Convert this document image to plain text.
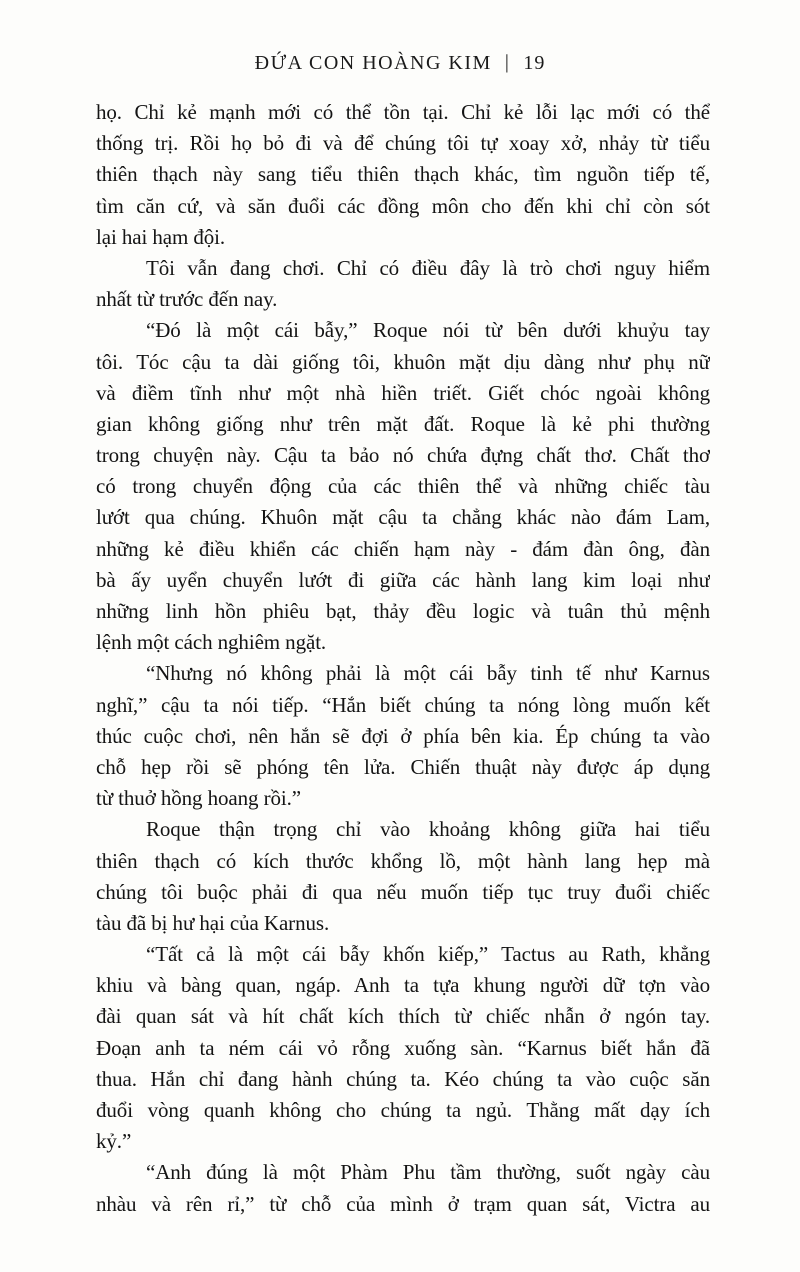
ĐỨA CON HOÀNG KIM | 19
họ. Chỉ kẻ mạnh mới có thể tồn tại. Chỉ kẻ lỗi lạc mới có thể
thống trị. Rồi họ bỏ đi và để chúng tôi tự xoay xở, nhảy từ tiểu
thiên thạch này sang tiểu thiên thạch khác, tìm nguồn tiếp tế,
tìm căn cứ, và săn đuổi các đồng môn cho đến khi chỉ còn sót
lại hai hạm đội.
Tôi vẫn đang chơi. Chỉ có điều đây là trò chơi nguy hiểm
nhất từ trước đến nay.
“Đó là một cái bẫy,” Roque nói từ bên dưới khuỷu tay
tôi. Tóc cậu ta dài giống tôi, khuôn mặt dịu dàng như phụ nữ
và điềm tĩnh như một nhà hiền triết. Giết chóc ngoài không
gian không giống như trên mặt đất. Roque là kẻ phi thường
trong chuyện này. Cậu ta bảo nó chứa đựng chất thơ. Chất thơ
có trong chuyển động của các thiên thể và những chiếc tàu
lướt qua chúng. Khuôn mặt cậu ta chẳng khác nào đám Lam,
những kẻ điều khiển các chiến hạm này - đám đàn ông, đàn
bà ấy uyển chuyển lướt đi giữa các hành lang kim loại như
những linh hồn phiêu bạt, thảy đều logic và tuân thủ mệnh
lệnh một cách nghiêm ngặt.
“Nhưng nó không phải là một cái bẫy tinh tế như Karnus
nghĩ,” cậu ta nói tiếp. “Hắn biết chúng ta nóng lòng muốn kết
thúc cuộc chơi, nên hắn sẽ đợi ở phía bên kia. Ép chúng ta vào
chỗ hẹp rồi sẽ phóng tên lửa. Chiến thuật này được áp dụng
từ thuở hồng hoang rồi.”
Roque thận trọng chỉ vào khoảng không giữa hai tiểu
thiên thạch có kích thước khổng lồ, một hành lang hẹp mà
chúng tôi buộc phải đi qua nếu muốn tiếp tục truy đuổi chiếc
tàu đã bị hư hại của Karnus.
“Tất cả là một cái bẫy khốn kiếp,” Tactus au Rath, khẳng
khiu và bàng quan, ngáp. Anh ta tựa khung người dữ tợn vào
đài quan sát và hít chất kích thích từ chiếc nhẫn ở ngón tay.
Đoạn anh ta ném cái vỏ rỗng xuống sàn. “Karnus biết hắn đã
thua. Hắn chỉ đang hành chúng ta. Kéo chúng ta vào cuộc săn
đuổi vòng quanh không cho chúng ta ngủ. Thằng mất dạy ích
kỷ.”
“Anh đúng là một Phàm Phu tầm thường, suốt ngày càu
nhàu và rên rỉ,” từ chỗ của mình ở trạm quan sát, Victra au
